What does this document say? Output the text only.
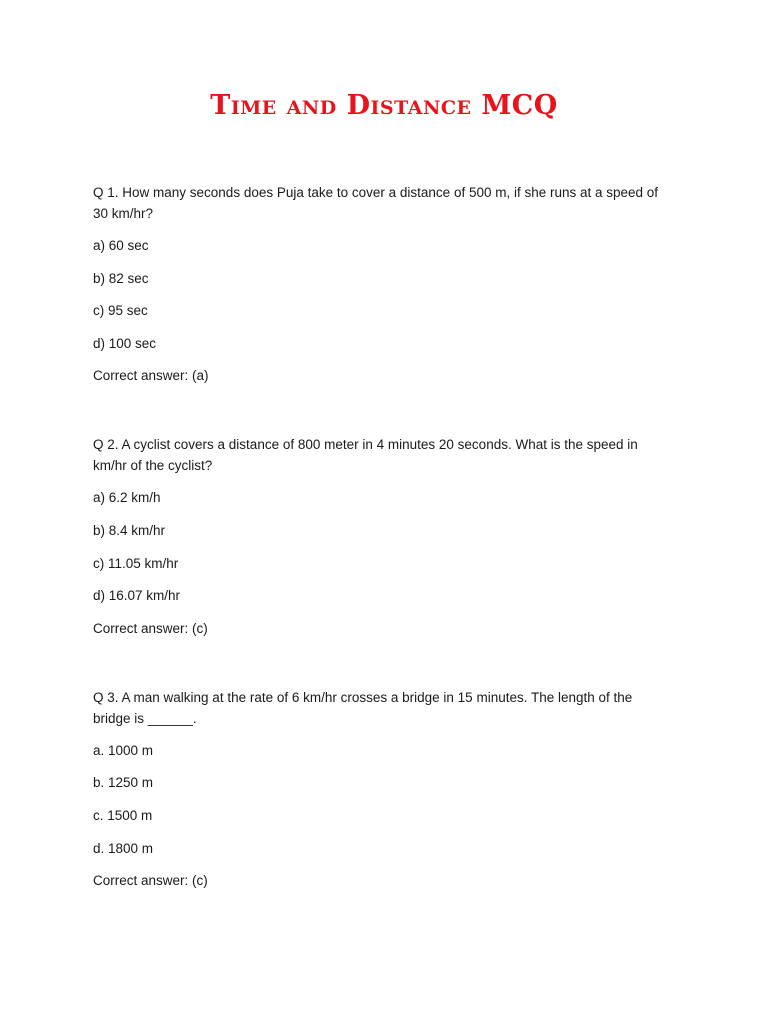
Time and Distance MCQ

Q 1. How many seconds does Puja take to cover a distance of 500 m, if she runs at a speed of 30 km/hr?

a) 60 sec
b) 82 sec
c) 95 sec
d) 100 sec

Correct answer: (a)

Q 2. A cyclist covers a distance of 800 meter in 4 minutes 20 seconds. What is the speed in km/hr of the cyclist?

a) 6.2 km/h
b) 8.4 km/hr
c) 11.05 km/hr
d) 16.07 km/hr

Correct answer: (c)

Q 3. A man walking at the rate of 6 km/hr crosses a bridge in 15 minutes. The length of the bridge is ______.

a. 1000 m
b. 1250 m
c. 1500 m
d. 1800 m

Correct answer: (c)
